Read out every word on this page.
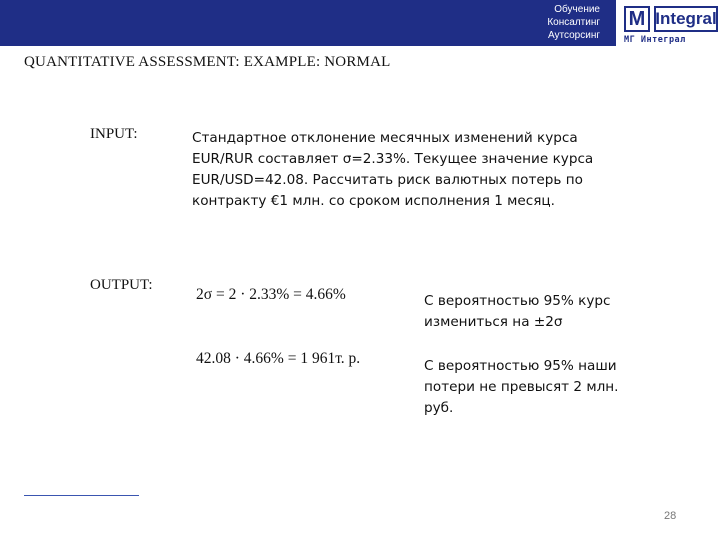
Обучение
Консалтинг
Аутсорсинг
M Integral
МГ Интеграл
QUANTITATIVE ASSESSMENT: EXAMPLE: NORMAL
INPUT:	Стандартное отклонение месячных изменений курса EUR/RUR составляет σ=2.33%. Текущее значение курса EUR/USD=42.08. Рассчитать риск валютных потерь по контракту €1 млн. со сроком исполнения 1 месяц.
OUTPUT:
2σ = 2 · 2.33% = 4.66%	С вероятностью 95% курс измениться на ±2σ
42.08 · 4.66% = 1 961т. р.	С вероятностью 95% наши потери не превысят 2 млн. руб.
28
